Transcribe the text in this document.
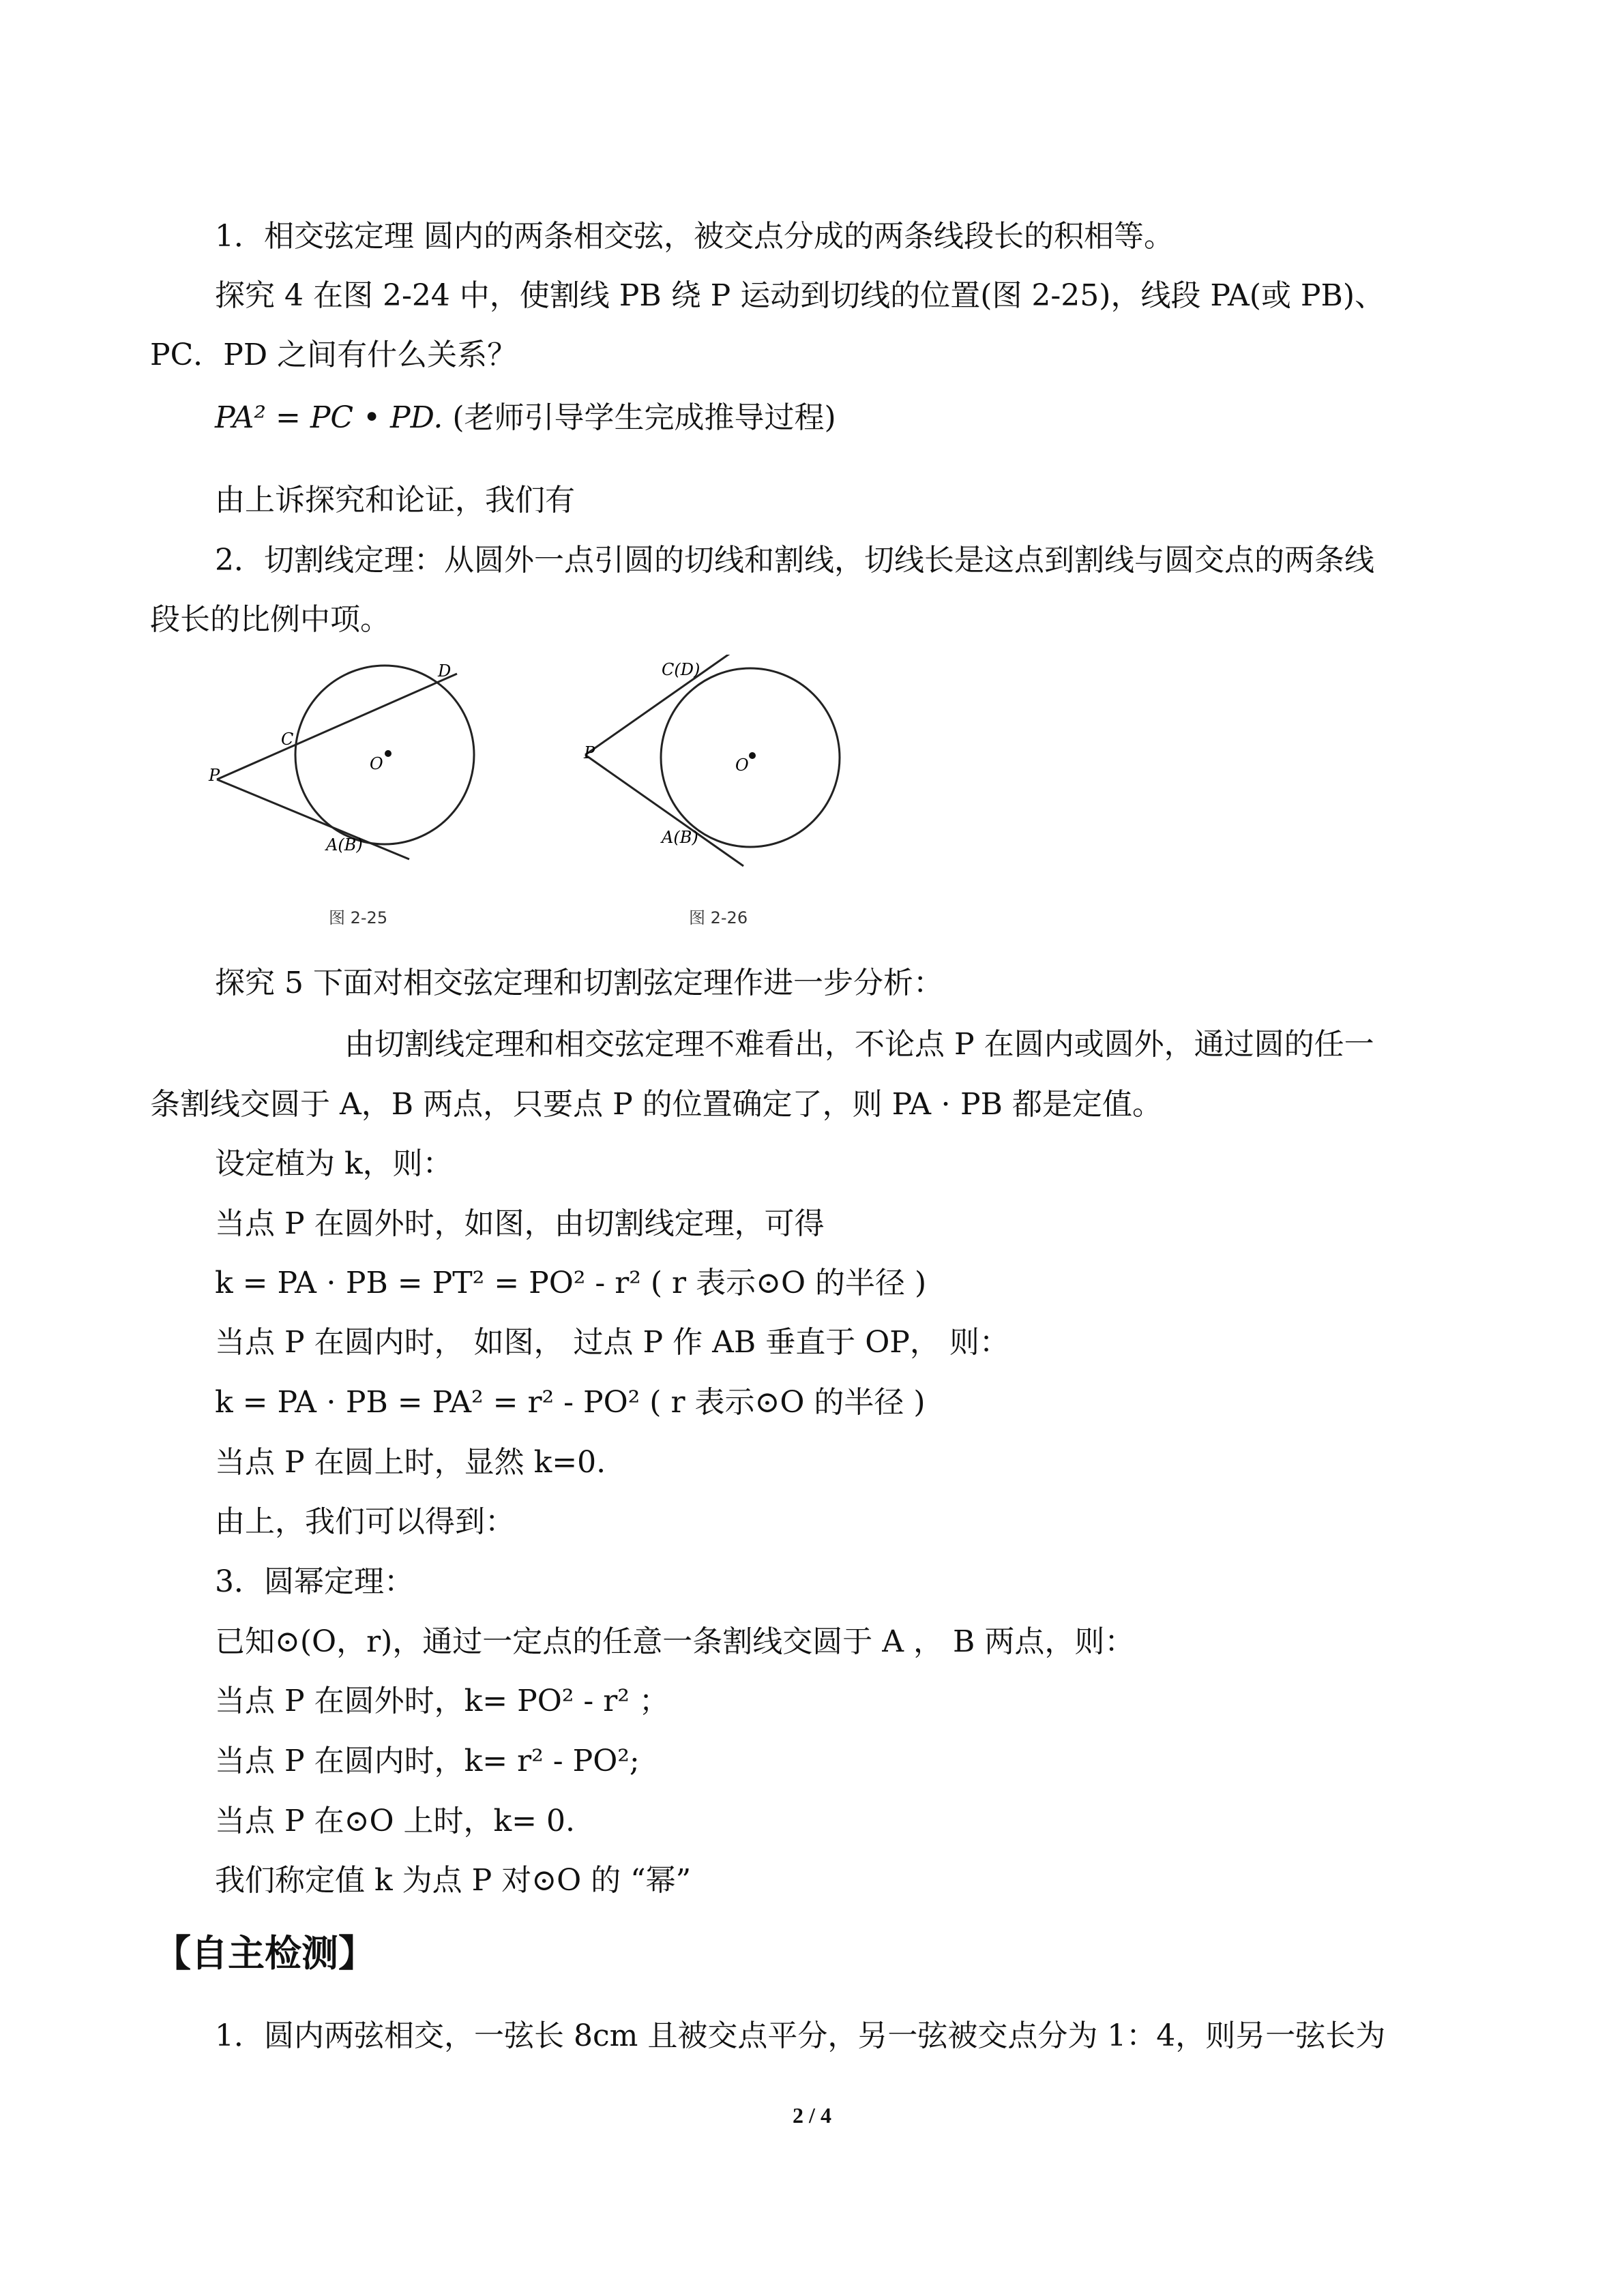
1．相交弦定理 圆内的两条相交弦，被交点分成的两条线段长的积相等。
探究 4 在图 2-24 中，使割线 PB 绕 P 运动到切线的位置(图 2-25)，线段 PA(或 PB)、
PC．PD 之间有什么关系？
PA² = PC • PD. (老师引导学生完成推导过程)
由上诉探究和论证，我们有
2．切割线定理：从圆外一点引圆的切线和割线，切线长是这点到割线与圆交点的两条线
段长的比例中项。
D
C
P
O
A(B)
图 2-25
C(D)
P
O
A(B)
图 2-26
探究 5 下面对相交弦定理和切割弦定理作进一步分析：
由切割线定理和相交弦定理不难看出，不论点 P 在圆内或圆外，通过圆的任一
条割线交圆于 A，B 两点，只要点 P 的位置确定了，则 PA ⋅ PB 都是定值。
设定植为 k，则：
当点 P 在圆外时，如图，由切割线定理，可得
k = PA ⋅ PB = PT² = PO² - r² ( r 表示⊙O 的半径 )
当点 P 在圆内时， 如图， 过点 P 作 AB 垂直于 OP， 则：
k = PA ⋅ PB = PA² = r² - PO² ( r 表示⊙O 的半径 )
当点 P 在圆上时，显然 k=0.
由上，我们可以得到：
3．圆幂定理：
已知⊙(O，r)，通过一定点的任意一条割线交圆于 A ， B 两点，则：
当点 P 在圆外时，k= PO² - r² ；
当点 P 在圆内时，k= r² - PO²;
当点 P 在⊙O 上时，k= 0.
我们称定值 k 为点 P 对⊙O 的 “幂”
【自主检测】
1．圆内两弦相交，一弦长 8cm 且被交点平分，另一弦被交点分为 1：4，则另一弦长为
2 / 4
